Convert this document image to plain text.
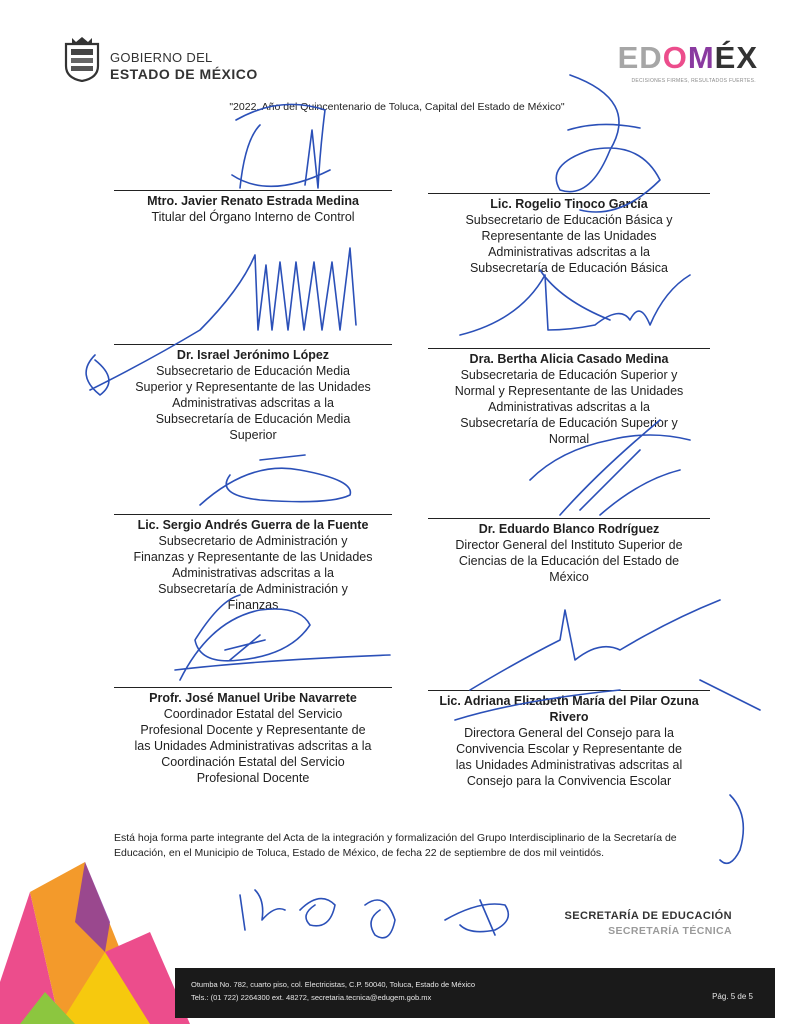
GOBIERNO DEL
ESTADO DE MÉXICO	EDOMÉX
DECISIONES FIRMES, RESULTADOS FUERTES.
"2022. Año del Quincentenario de Toluca, Capital del Estado de México"

Mtro. Javier Renato Estrada Medina

Titular del Órgano Interno de Control

Lic. Rogelio Tinoco García

Subsecretario de Educación Básica y

Representante de las Unidades

Administrativas adscritas a la

Subsecretaría de Educación Básica

Dr. Israel Jerónimo López

Subsecretario de Educación Media

Superior y Representante de las Unidades

Administrativas adscritas a la

Subsecretaría de Educación Media

Superior

Dra. Bertha Alicia Casado Medina

Subsecretaria de Educación Superior y

Normal y Representante de las Unidades

Administrativas adscritas a la

Subsecretaría de Educación Superior y

Normal

Lic. Sergio Andrés Guerra de la Fuente

Subsecretario de Administración y

Finanzas y Representante de las Unidades

Administrativas adscritas a la

Subsecretaría de Administración y

Finanzas

Dr. Eduardo Blanco Rodríguez

Director General del Instituto Superior de

Ciencias de la Educación del Estado de

México

Profr. José Manuel Uribe Navarrete

Coordinador Estatal del Servicio

Profesional Docente y Representante de

las Unidades Administrativas adscritas a la

Coordinación Estatal del Servicio

Profesional Docente

Lic. Adriana Elizabeth María del Pilar Ozuna Rivero

Directora General del Consejo para la

Convivencia Escolar y Representante de

las Unidades Administrativas adscritas al

Consejo para la Convivencia Escolar

Está hoja forma parte integrante del Acta de la integración y formalización del Grupo Interdisciplinario de la Secretaría de Educación, en el Municipio de Toluca, Estado de México, de fecha 22 de septiembre de dos mil veintidós.
SECRETARÍA DE EDUCACIÓN
SECRETARÍA TÉCNICA
Otumba No. 782, cuarto piso, col. Electricistas, C.P. 50040, Toluca, Estado de México
Tels.: (01 722) 2264300 ext. 48272, secretaria.tecnica@edugem.gob.mx	Pág. 5 de 5
